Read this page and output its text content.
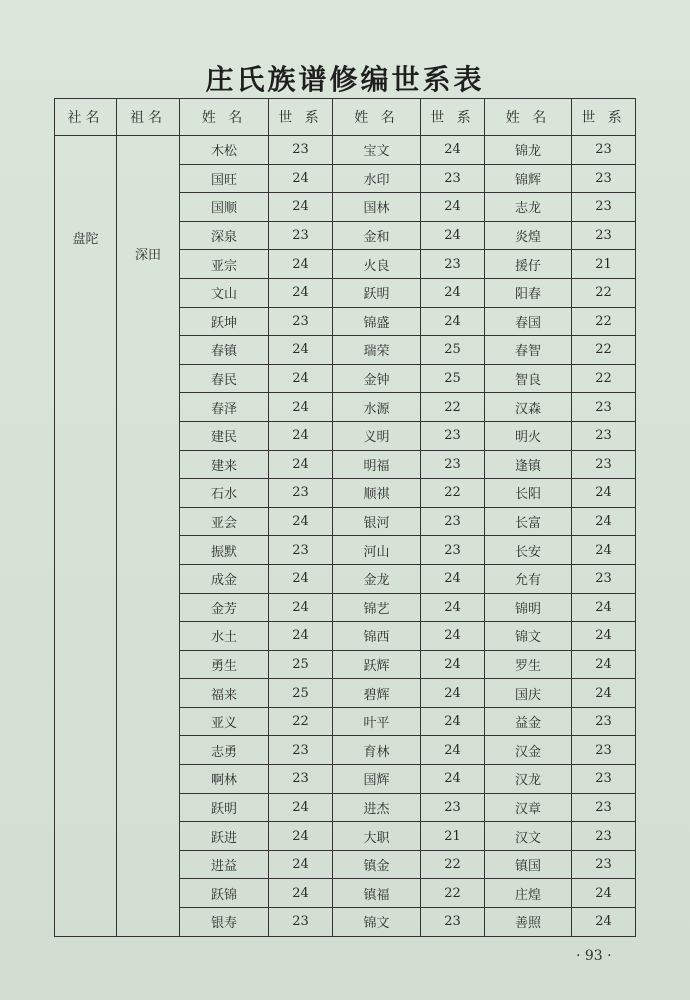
庄氏族谱修编世系表
社名	祖名	姓 名	世 系	姓 名	世 系	姓 名	世 系
盘陀	深田	木松	23	宝文	24	锦龙	23
		国旺	24	水印	23	锦辉	23
		国顺	24	国林	24	志龙	23
		深泉	23	金和	24	炎煌	23
		亚宗	24	火良	23	援仔	21
		文山	24	跃明	24	阳春	22
		跃坤	23	锦盛	24	春国	22
		春镇	24	瑞荣	25	春智	22
		春民	24	金钟	25	智良	22
		春泽	24	水源	22	汉森	23
		建民	24	义明	23	明火	23
		建来	24	明福	23	逢镇	23
		石水	23	顺祺	22	长阳	24
		亚会	24	银河	23	长富	24
		振默	23	河山	23	长安	24
		成金	24	金龙	24	允有	23
		金芳	24	锦艺	24	锦明	24
		水土	24	锦西	24	锦文	24
		勇生	25	跃辉	24	罗生	24
		福来	25	碧辉	24	国庆	24
		亚义	22	叶平	24	益金	23
		志勇	23	育林	24	汉金	23
		啊林	23	国辉	24	汉龙	23
		跃明	24	进杰	23	汉章	23
		跃进	24	大职	21	汉文	23
		进益	24	镇金	22	镇国	23
		跃锦	24	镇福	22	庄煌	24
		银寿	23	锦文	23	善照	24
· 93 ·
